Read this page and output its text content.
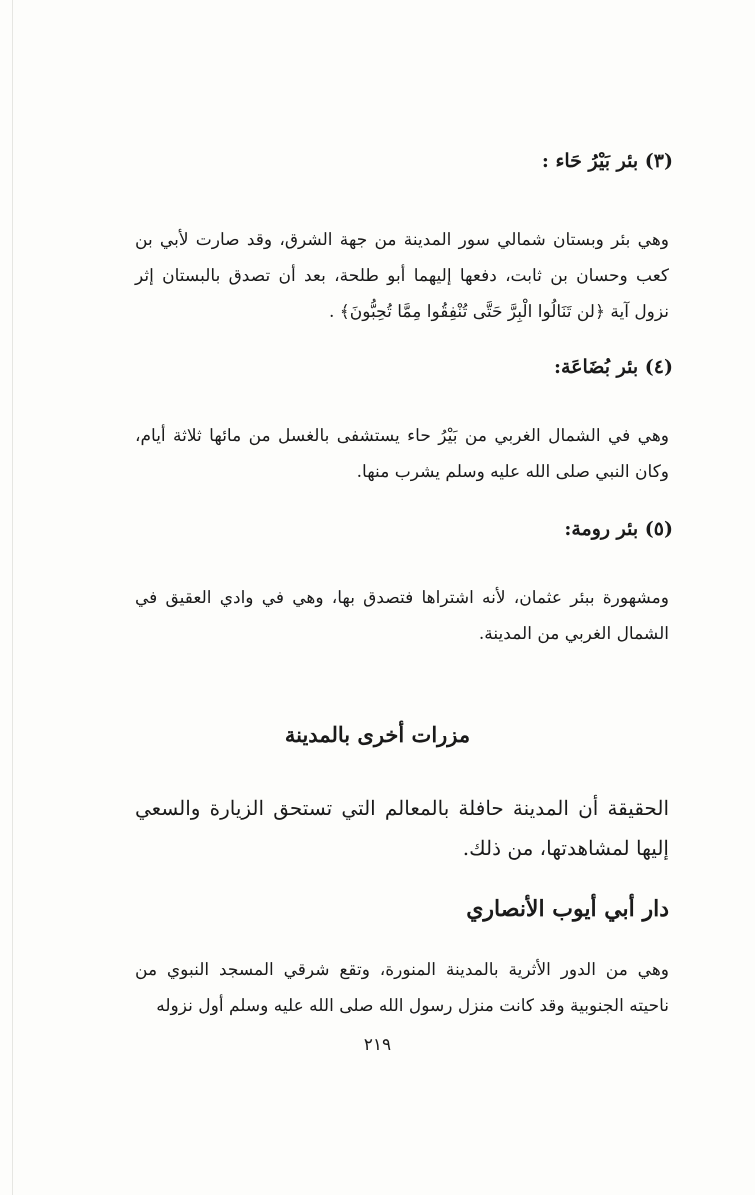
(٣) بئر بَيْرُ حَاء :

وهي بئر وبستان شمالي سور المدينة من جهة الشرق، وقد صارت لأبي بن كعب وحسان بن ثابت، دفعها إليهما أبو طلحة، بعد أن تصدق بالبستان إثر نزول آية ﴿لن تَنَالُوا الْبِرَّ حَتَّى تُنْفِقُوا مِمَّا تُحِبُّونَ﴾ .

(٤) بئر بُضَاعَة:

وهي في الشمال الغربي من بَيْرُ حاء يستشفى بالغسل من مائها ثلاثة أيام، وكان النبي صلى الله عليه وسلم يشرب منها.

(٥) بئر رومة:

ومشهورة ببئر عثمان، لأنه اشتراها فتصدق بها، وهي في وادي العقيق في الشمال الغربي من المدينة.

مزرات أخرى بالمدينة

الحقيقة أن المدينة حافلة بالمعالم التي تستحق الزيارة والسعي إليها لمشاهدتها، من ذلك.

دار أبي أيوب الأنصاري

وهي من الدور الأثرية بالمدينة المنورة، وتقع شرقي المسجد النبوي من ناحيته الجنوبية وقد كانت منزل رسول الله صلى الله عليه وسلم أول نزوله

٢١٩
